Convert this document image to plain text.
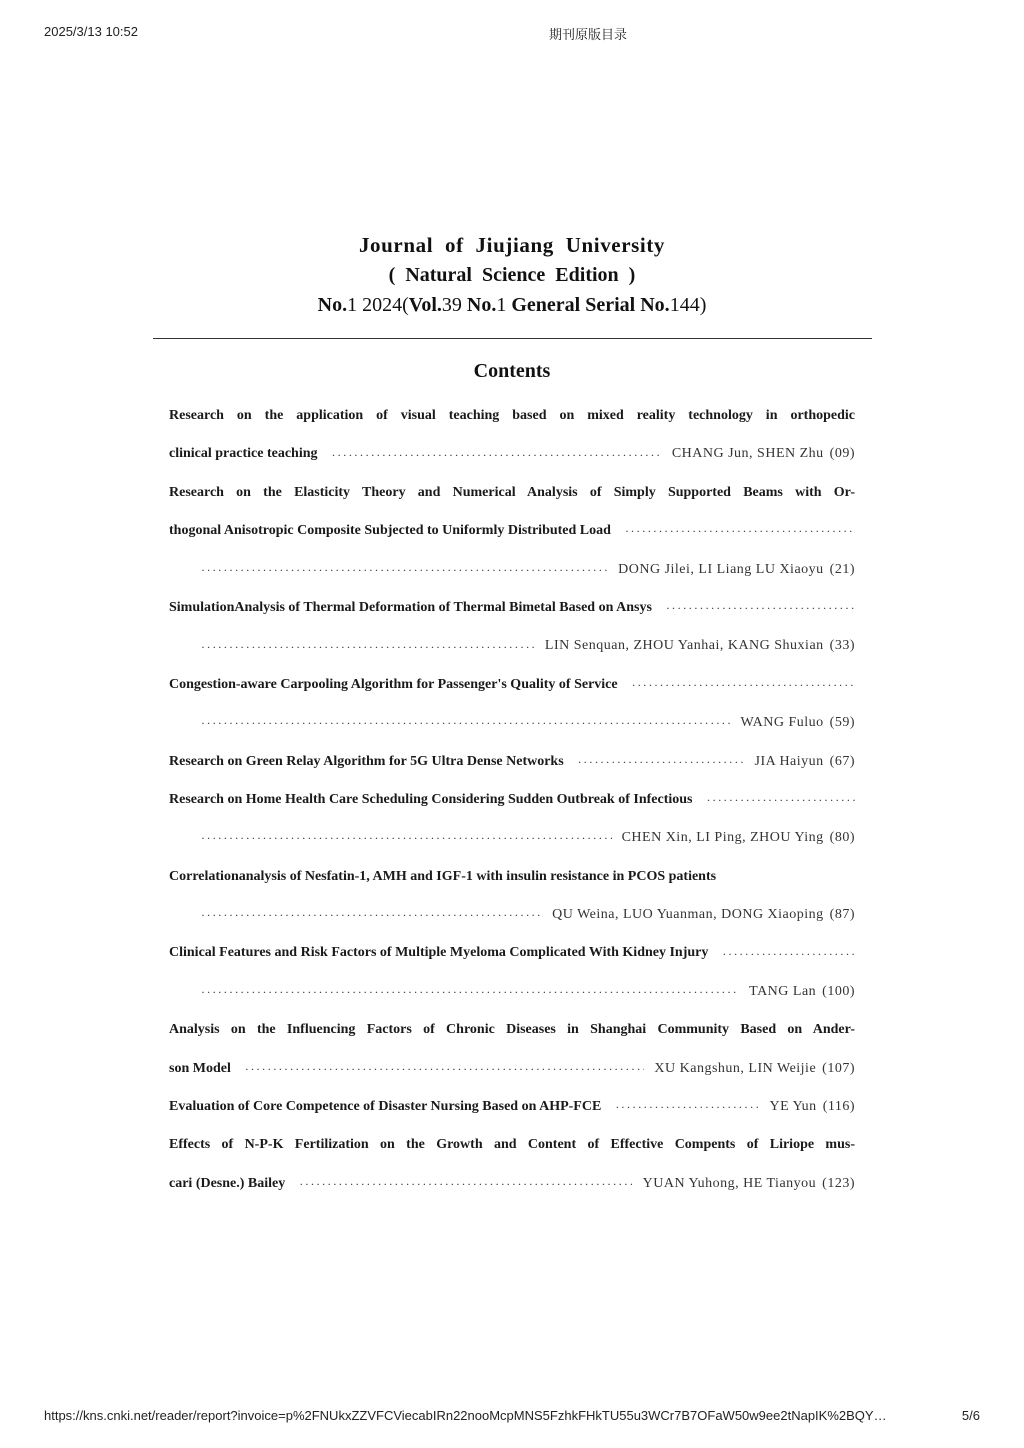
2025/3/13 10:52	期刊原版目录
Journal of Jiujiang University
( Natural Science Edition )
No.1 2024(Vol.39 No.1 General Serial No.144)
Contents
Research on the application of visual teaching based on mixed reality technology in orthopedic
clinical practice teaching ·····	CHANG Jun, SHEN Zhu (09)
Research on the Elasticity Theory and Numerical Analysis of Simply Supported Beams with Or-
thogonal Anisotropic Composite Subjected to Uniformly Distributed Load
·····
·····
DONG Jilei, LI Liang LU Xiaoyu (21)
SimulationAnalysis of Thermal Deformation of Thermal Bimetal Based on Ansys
·····
·····
LIN Senquan, ZHOU Yanhai, KANG Shuxian (33)
Congestion-aware Carpooling Algorithm for Passenger's Quality of Service
·····
·····
WANG Fuluo (59)
Research on Green Relay Algorithm for 5G Ultra Dense Networks ·····	JIA Haiyun (67)
Research on Home Health Care Scheduling Considering Sudden Outbreak of Infectious
·····
·····
CHEN Xin, LI Ping, ZHOU Ying (80)
Correlationanalysis of Nesfatin-1, AMH and IGF-1 with insulin resistance in PCOS patients
·····
QU Weina, LUO Yuanman, DONG Xiaoping (87)
Clinical Features and Risk Factors of Multiple Myeloma Complicated With Kidney Injury
·····
·····
TANG Lan (100)
Analysis on the Influencing Factors of Chronic Diseases in Shanghai Community Based on Ander-
son Model ·····	XU Kangshun, LIN Weijie (107)
Evaluation of Core Competence of Disaster Nursing Based on AHP-FCE ·····	YE Yun (116)
Effects of N-P-K Fertilization on the Growth and Content of Effective Compents of Liriope mus-
cari (Desne.) Bailey ·····	YUAN Yuhong, HE Tianyou (123)
https://kns.cnki.net/reader/report?invoice=p%2FNUkxZZVFCViecabIRn22nooMcpMNS5FzhkFHkTU55u3WCr7B7OFaW50w9ee2tNapIK%2BQY…	5/6
